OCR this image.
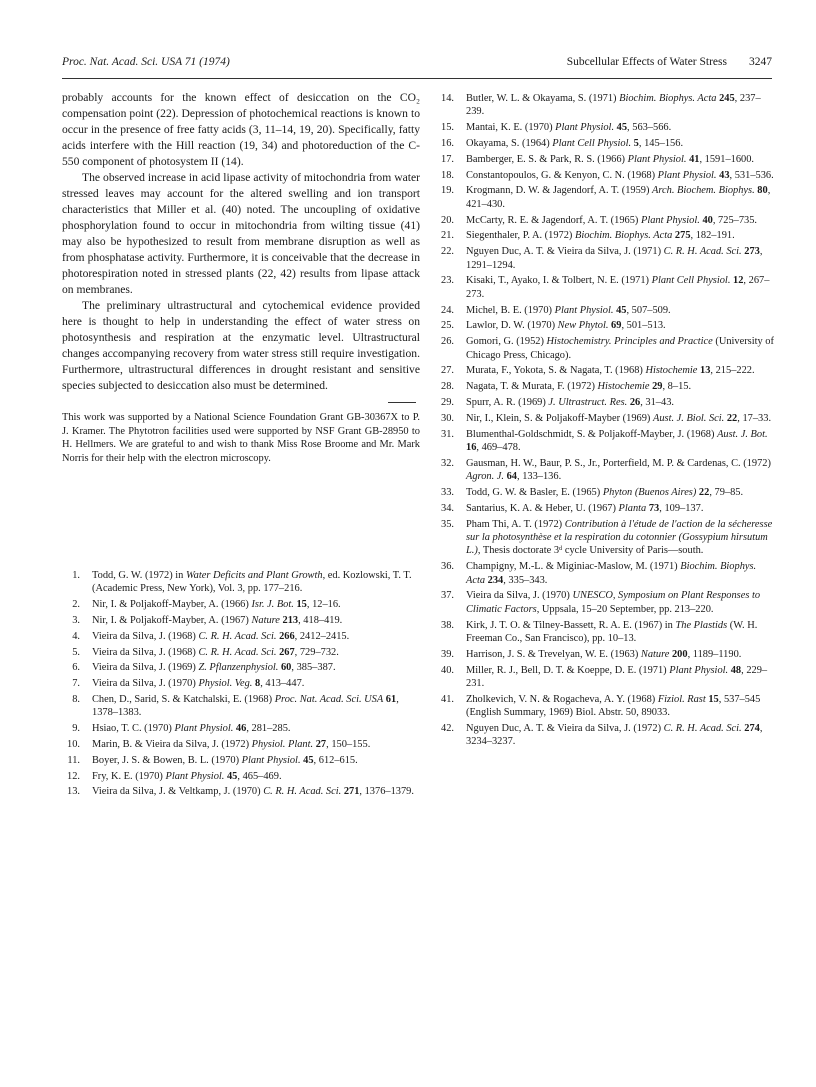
Proc. Nat. Acad. Sci. USA 71 (1974)	Subcellular Effects of Water Stress 3247

probably accounts for the known effect of desiccation on the CO₂ compensation point (22). Depression of photochemical reactions is known to occur in the presence of free fatty acids (3, 11–14, 19, 20). Specifically, fatty acids interfere with the Hill reaction (19, 34) and photoreduction of the C-550 component of photosystem II (14).

The observed increase in acid lipase activity of mitochondria from water stressed leaves may account for the altered swelling and ion transport characteristics that Miller et al. (40) noted. The uncoupling of oxidative phosphorylation found to occur in mitochondria from wilting tissue (41) may also be hypothesized to result from membrane disruption as well as from phosphatase activity. Furthermore, it is conceivable that the decrease in photorespiration noted in stressed plants (22, 42) results from lipase attack on membranes.

The preliminary ultrastructural and cytochemical evidence provided here is thought to help in understanding the effect of water stress on photosynthesis and respiration at the enzymatic level. Ultrastructural changes accompanying recovery from water stress still require investigation. Furthermore, ultrastructural differences in drought resistant and sensitive species subjected to desiccation also must be determined.

This work was supported by a National Science Foundation Grant GB-30367X to P. J. Kramer. The Phytotron facilities used were supported by NSF Grant GB-28950 to H. Hellmers. We are grateful to and wish to thank Miss Rose Broome and Mr. Mark Norris for their help with the electron microscopy.

1. Todd, G. W. (1972) in Water Deficits and Plant Growth, ed. Kozlowski, T. T. (Academic Press, New York), Vol. 3, pp. 177–216.
2. Nir, I. & Poljakoff-Mayber, A. (1966) Isr. J. Bot. 15, 12–16.
3. Nir, I. & Poljakoff-Mayber, A. (1967) Nature 213, 418–419.
4. Vieira da Silva, J. (1968) C. R. H. Acad. Sci. 266, 2412–2415.
5. Vieira da Silva, J. (1968) C. R. H. Acad. Sci. 267, 729–732.
6. Vieira da Silva, J. (1969) Z. Pflanzenphysiol. 60, 385–387.
7. Vieira da Silva, J. (1970) Physiol. Veg. 8, 413–447.
8. Chen, D., Sarid, S. & Katchalski, E. (1968) Proc. Nat. Acad. Sci. USA 61, 1378–1383.
9. Hsiao, T. C. (1970) Plant Physiol. 46, 281–285.
10. Marin, B. & Vieira da Silva, J. (1972) Physiol. Plant. 27, 150–155.
11. Boyer, J. S. & Bowen, B. L. (1970) Plant Physiol. 45, 612–615.
12. Fry, K. E. (1970) Plant Physiol. 45, 465–469.
13. Vieira da Silva, J. & Veltkamp, J. (1970) C. R. H. Acad. Sci. 271, 1376–1379.
14. Butler, W. L. & Okayama, S. (1971) Biochim. Biophys. Acta 245, 237–239.
15. Mantai, K. E. (1970) Plant Physiol. 45, 563–566.
16. Okayama, S. (1964) Plant Cell Physiol. 5, 145–156.
17. Bamberger, E. S. & Park, R. S. (1966) Plant Physiol. 41, 1591–1600.
18. Constantopoulos, G. & Kenyon, C. N. (1968) Plant Physiol. 43, 531–536.
19. Krogmann, D. W. & Jagendorf, A. T. (1959) Arch. Biochem. Biophys. 80, 421–430.
20. McCarty, R. E. & Jagendorf, A. T. (1965) Plant Physiol. 40, 725–735.
21. Siegenthaler, P. A. (1972) Biochim. Biophys. Acta 275, 182–191.
22. Nguyen Duc, A. T. & Vieira da Silva, J. (1971) C. R. H. Acad. Sci. 273, 1291–1294.
23. Kisaki, T., Ayako, I. & Tolbert, N. E. (1971) Plant Cell Physiol. 12, 267–273.
24. Michel, B. E. (1970) Plant Physiol. 45, 507–509.
25. Lawlor, D. W. (1970) New Phytol. 69, 501–513.
26. Gomori, G. (1952) Histochemistry. Principles and Practice (University of Chicago Press, Chicago).
27. Murata, F., Yokota, S. & Nagata, T. (1968) Histochemie 13, 215–222.
28. Nagata, T. & Murata, F. (1972) Histochemie 29, 8–15.
29. Spurr, A. R. (1969) J. Ultrastruct. Res. 26, 31–43.
30. Nir, I., Klein, S. & Poljakoff-Mayber (1969) Aust. J. Biol. Sci. 22, 17–33.
31. Blumenthal-Goldschmidt, S. & Poljakoff-Mayber, J. (1968) Aust. J. Bot. 16, 469–478.
32. Gausman, H. W., Baur, P. S., Jr., Porterfield, M. P. & Cardenas, C. (1972) Agron. J. 64, 133–136.
33. Todd, G. W. & Basler, E. (1965) Phyton (Buenos Aires) 22, 79–85.
34. Santarius, K. A. & Heber, U. (1967) Planta 73, 109–137.
35. Pham Thi, A. T. (1972) Contribution à l'étude de l'action de la sécheresse sur la photosynthèse et la respiration du cotonnier (Gossypium hirsutum L.), Thesis doctorate 3ᵈ cycle University of Paris—south.
36. Champigny, M.-L. & Miginiac-Maslow, M. (1971) Biochim. Biophys. Acta 234, 335–343.
37. Vieira da Silva, J. (1970) UNESCO, Symposium on Plant Responses to Climatic Factors, Uppsala, 15–20 September, pp. 213–220.
38. Kirk, J. T. O. & Tilney-Bassett, R. A. E. (1967) in The Plastids (W. H. Freeman Co., San Francisco), pp. 10–13.
39. Harrison, J. S. & Trevelyan, W. E. (1963) Nature 200, 1189–1190.
40. Miller, R. J., Bell, D. T. & Koeppe, D. E. (1971) Plant Physiol. 48, 229–231.
41. Zholkevich, V. N. & Rogacheva, A. Y. (1968) Fiziol. Rast 15, 537–545 (English Summary, 1969) Biol. Abstr. 50, 89033.
42. Nguyen Duc, A. T. & Vieira da Silva, J. (1972) C. R. H. Acad. Sci. 274, 3234–3237.
